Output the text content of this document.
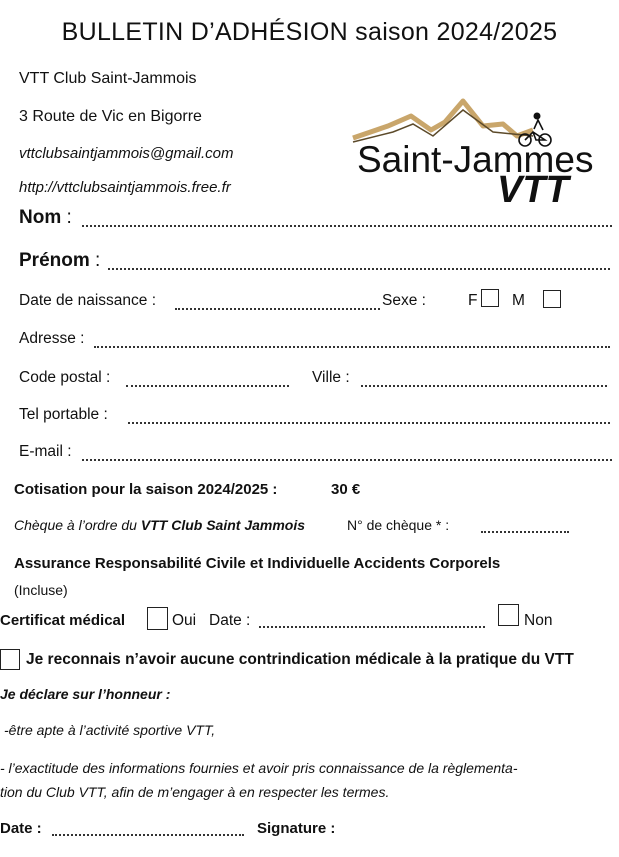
BULLETIN D’ADHÉSION saison 2024/2025
VTT Club Saint-Jammois
3 Route de Vic en Bigorre
vttclubsaintjammois@gmail.com
http://vttclubsaintjammois.free.fr
Saint-Jammes
VTT
Nom :
Prénom :
Date de naissance :	Sexe :	F M
Adresse :
Code postal :	Ville :
Tel portable :
E-mail :
Cotisation pour la saison 2024/2025 :	30 €
Chèque à l’ordre du VTT Club Saint Jammois	N° de chèque * :
Assurance Responsabilité Civile et Individuelle Accidents Corporels
(Incluse)
Certificat médical	Oui Date :	Non
Je reconnais n’avoir aucune contrindication médicale à la pratique du VTT
Je déclare sur l’honneur :
-être apte à l’activité sportive VTT,
- l’exactitude des informations fournies et avoir pris connaissance de la règlementa-
tion du Club VTT, afin de m’engager à en respecter les termes.
Date :	Signature :
